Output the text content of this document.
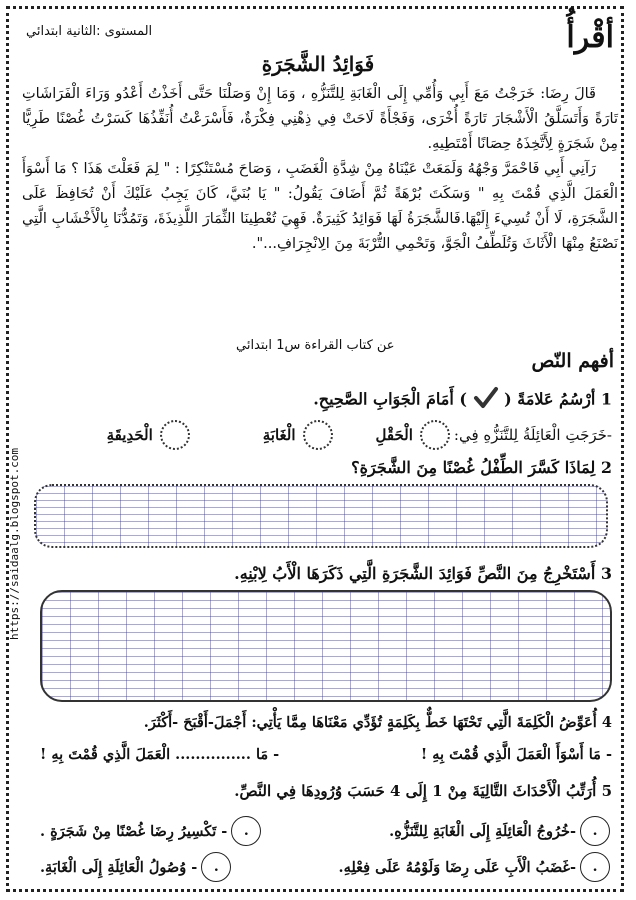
أقْرأُ
المستوى :الثانية ابتدائي
فَوَائِدُ الشَّجَرَةِ

قَالَ رِضَا: خَرَجْتُ مَعَ أَبِي وَأُمِّي إِلَى الْغَابَةِ لِلتَّنَزُّهِ ، وَمَا إِنْ وَصَلْنَا حَتَّى أَخَذْتُ أَعْدُو وَرَاءَ الْفَرَاشَاتِ تَارَةً وَأَتَسَلَّقُ الْأَشْجَارَ تَارَةً أُخْرَى، وَفَجْأَةً لَاحَتْ فِي ذِهْنِي فِكْرَةٌ، فَأَسْرَعْتُ أُنَفِّذُهَا كَسَرْتُ غُصْنًا طَرِيًّا مِنْ شَجَرَةٍ لِأَتَّخِذَهُ حِصَانًا أَمْتَطِيهِ.

رَآنِي أَبِي فَاحْمَرَّ وَجْهُهُ وَلَمَعَتْ عَيْنَاهُ مِنْ شِدَّةِ الْغَضَبِ ، وَصَاحَ مُسْتَنْكِرًا : " لِمَ فَعَلْتَ هَذَا ؟ مَا أَسْوَأَ الْعَمَلَ الَّذِي قُمْتَ بِهِ " وَسَكَتَ بُرْهَةً ثُمَّ أَضَافَ يَقُولُ: " يَا بُنَيَّ، كَانَ يَجِبُ عَلَيْكَ أَنْ تُحَافِظَ عَلَى الشَّجَرَةِ، لَا أَنْ تُسِيءَ إِلَيْهَا.فَالشَّجَرَةُ لَهَا فَوَائِدُ كَثِيرَةٌ. فَهِيَ تُعْطِينَا الثِّمَارَ اللَّذِيذَةَ، وَتَمُدُّنَا بِالْأَخْشَابِ الَّتِي نَصْنَعُ مِنْهَا الْأَثَاثَ وَتُلَطِّفُ الْجَوَّ، وَتَحْمِي التُّرْبَةَ مِنَ الِانْجِرَافِ...".

عن كتاب القراءة س1 ابتدائي
https://saidaalg.blogspot.com
أفهم النّص
1 أرْسُمُ عَلامَةً (  ) أَمَامَ الْجَوَابِ الصَّحِيحِ.
-خَرَجَتِ الْعَائِلَةُ لِلتَّنَزُّهِ فِي:
الْحَقْلِ
الْغَابَةِ
الْحَدِيقَةِ
2 لِمَاذَا كَسَّرَ الطِّفْلُ غُصْنًا مِنَ الشَّجَرَةِ؟
3 أَسْتَخْرِجُ مِنَ النَّصِّ فَوَائِدَ الشَّجَرَةِ الَّتِي ذَكَرَهَا الْأَبُ لِابْنِهِ.
4 أُعَوِّضُ الْكَلِمَةَ الَّتِي تَحْتَهَا خَطٌّ بِكَلِمَةٍ تُؤَدِّي مَعْنَاهَا مِمَّا يَأْتِي: أَجْمَلَ-أَقْبَحَ -أَكْثَرَ.
- مَا أَسْوَأَ الْعَمَلَ الَّذِي قُمْتَ بِهِ !
- مَا ............... الْعَمَلَ الَّذِي قُمْتَ بِهِ !
5 أُرَتِّبُ الْأَحْدَاثَ التَّالِيَةَ مِنْ 1 إِلَى 4 حَسَبَ وُرُودِهَا فِي النَّصِّ.
.
-خُرُوجُ الْعَائِلَةِ إِلَى الْغَابَةِ لِلتَّنَزُّهِ.
.
- تَكْسِيرُ رِضَا غُصْنًا مِنْ شَجَرَةٍ .
.
-غَضَبُ الْأَبِ عَلَى رِضَا وَلَوْمُهُ عَلَى فِعْلِهِ.
.
- وُصُولُ الْعَائِلَةِ إِلَى الْغَابَةِ.
